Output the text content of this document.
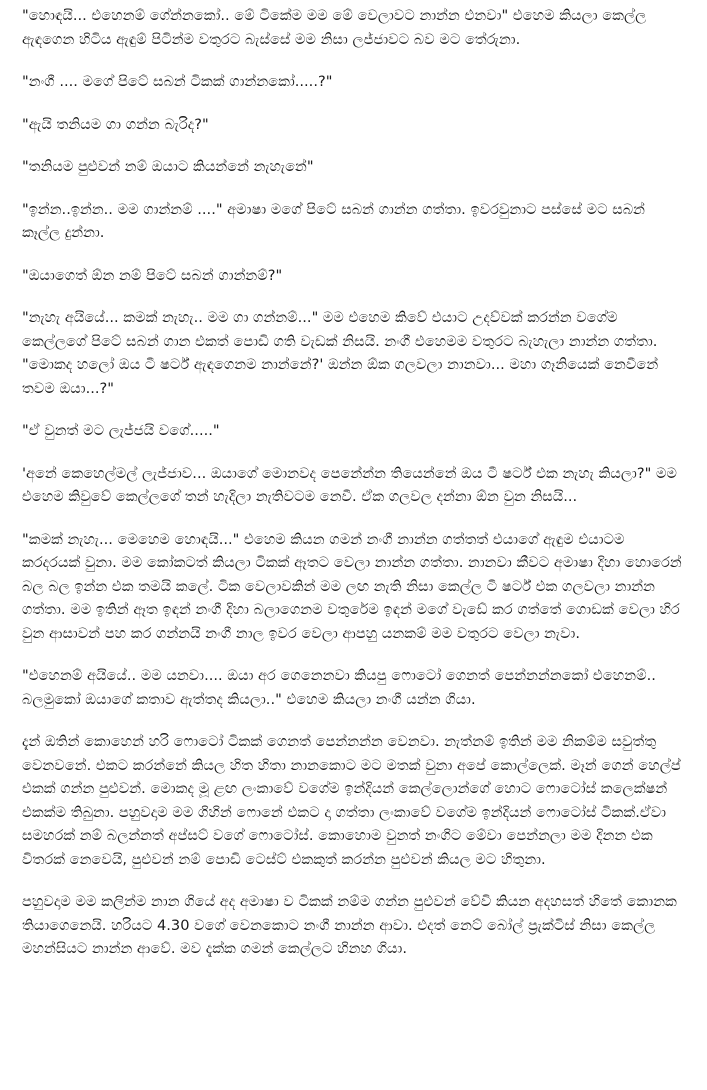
"හොඳයි... එහෙනම් ගේන්නකෝ.. මේ ටිකේම මම මේ වෙලාවට නාන්න එනවා" එහෙම කියලා කෙල්ල ඇඳගෙන හිටිය ඇඳුම් පිටින්ම වතුරට බැස්සේ මම නිසා ලජ්ජාවට බව මට තේරුනා.

"නංගී .... මගේ පිටේ සබන් ටිකක් ගාන්නකෝ.....?"

"ඇයි තනියම ගා ගන්න බැරිද?"

"තනියම පුළුවන් නම් ඔයාට කියන්නේ නැහැනේ"

"ඉන්න..ඉන්න.. මම ගාන්නම් ...." අමාෂා මගේ පිටේ සබන් ගාන්න ගත්තා. ඉවරවුනාට පස්සේ මට සබන් කෑල්ල දුන්නා.

"ඔයාගෙත් ඕන නම් පිටේ සබන් ගාන්නම්?"

"නැහැ අයියේ... කමක් නැහැ.. මම ගා ගන්නම්..." මම එහෙම කිවේ එයාට උදව්වක් කරන්න වගේම කෙල්ලගේ පිටේ සබන් ගාන එකත් පොඩි ගති වැඩක් නිසයි. නංගී එහෙමම වතුරට බැහැලා නාන්න ගත්තා. "මොකද හලෝ ඔය ටී ෂර්ට් ඇඳගෙනම නාන්නේ?' ඔන්න ඕක ගලවලා නානවා... මහා ගෑනියෙක් නෙවීනේ තවම ඔයා...?"

"ඒ වුනත් මට ලැජ්ජයි වගේ....."

'අනේ කෙහෙල්මල් ලැජ්ජාව... ඔයාගේ මොනවද පෙනේන්න තියෙන්නේ ඔය ටී ෂර්ට් එක නැහැ කියලා?" මම එහෙම කිවුවේ කෙල්ලගේ තන් හැදිලා නැතිවටම නෙවී. ඒක ගලවල දන්නා ඕන වුන නිසයි...

"කමක් නැහැ... මෙහෙම හොඳයි..." එහෙම කියන ගමන් නංගී නාන්න ගත්තත් එයාගේ ඇඳුම එයාටම කරදරයක් වුනා. මම කෝකටත් කියලා ටිකක් ඈතට වෙලා නාන්න ගත්තා. නානවා කීවට අමාෂා දිහා හොරෙන් බල බල ඉන්න එක තමයි කලේ. ටික වෙලාවකින් මම ලඟ නැති නිසා කෙල්ල ටී ෂර්ට් එක ගලවලා නාන්න ගත්තා. මම ඉතින් ඈත ඉඳන් නංගී දිහා බලාගෙනම වතුරේම ඉඳන් මගේ වැඩේ කර ගත්තේ ගොඩක් වෙලා හිර වුන ආසාවන් පහ කර ගන්නයි නංගී නාල ඉවර වෙලා ආපහු යනකම් මම වතුරට වෙලා නැවා.

"එහෙනම් අයියේ.. මම යනවා.... ඔයා අර ගෙනෙනවා කියපු ෆොටෝ ගෙනත් පෙන්නන්නකෝ එහෙනම්.. බලමුකෝ ඔයාගේ කතාව ඇත්තද කියලා.." එහෙම කියලා නංගී යන්න ගියා.

දැන් ඔතින් කොහෙන් හරි ෆොටෝ ටිකක් ගෙනත් පෙන්නන්න වෙනවා. නැත්නම් ඉතින් මම නිකම්ම සවුත්තු වෙනවනේ. එකට කරන්නේ කියල හිත හිතා නානකොට මට මතක් වුනා අපේ කොල්ලෙක්. මෑන් ගෙන් හෙල්ප් එකක් ගන්න පුළුවන්. මොකද මූ ළඟ ලංකාවේ වගේම ඉන්දියන් කෙල්ලොන්ගේ හොට ෆොටෝස් කලෙක්ෂන් එකක්ම තිබුනා. පහුවදාම මම ගිහින් ෆොනේ එකට දා ගත්තා ලංකාවේ වගේම ඉන්දියන් ෆොටෝස් ටිකක්.ඒවා සමහරක් නම් බලන්නත් අප්සට් වගේ ෆොටෝස්. කොහොම වුනත් නංගිට මේවා පෙන්නලා මම දිනන එක විතරක් නෙවෙයි, පුළුවන් නම් පොඩි ටෙස්ට් එකකුත් කරන්න පුළුවන් කියල මට හිතුනා.

පහුවදාම මම කලින්ම නාන ගියේ අද අමාෂා ව ටිකක් නම්ම ගන්න පුළුවන් වේවි කියන අදහසත් හිතේ කොනක තියාගෙනෙයි. හරියට 4.30 වගේ වෙනකොට නංගී නාන්න ආවා. එදත් නෙට් බෝල් ප්‍රැක්ටිස් නිසා කෙල්ල මහන්සියට නාන්න ආවේ. මව දැක්ක ගමන් කෙල්ලට හිනහ ගියා.
